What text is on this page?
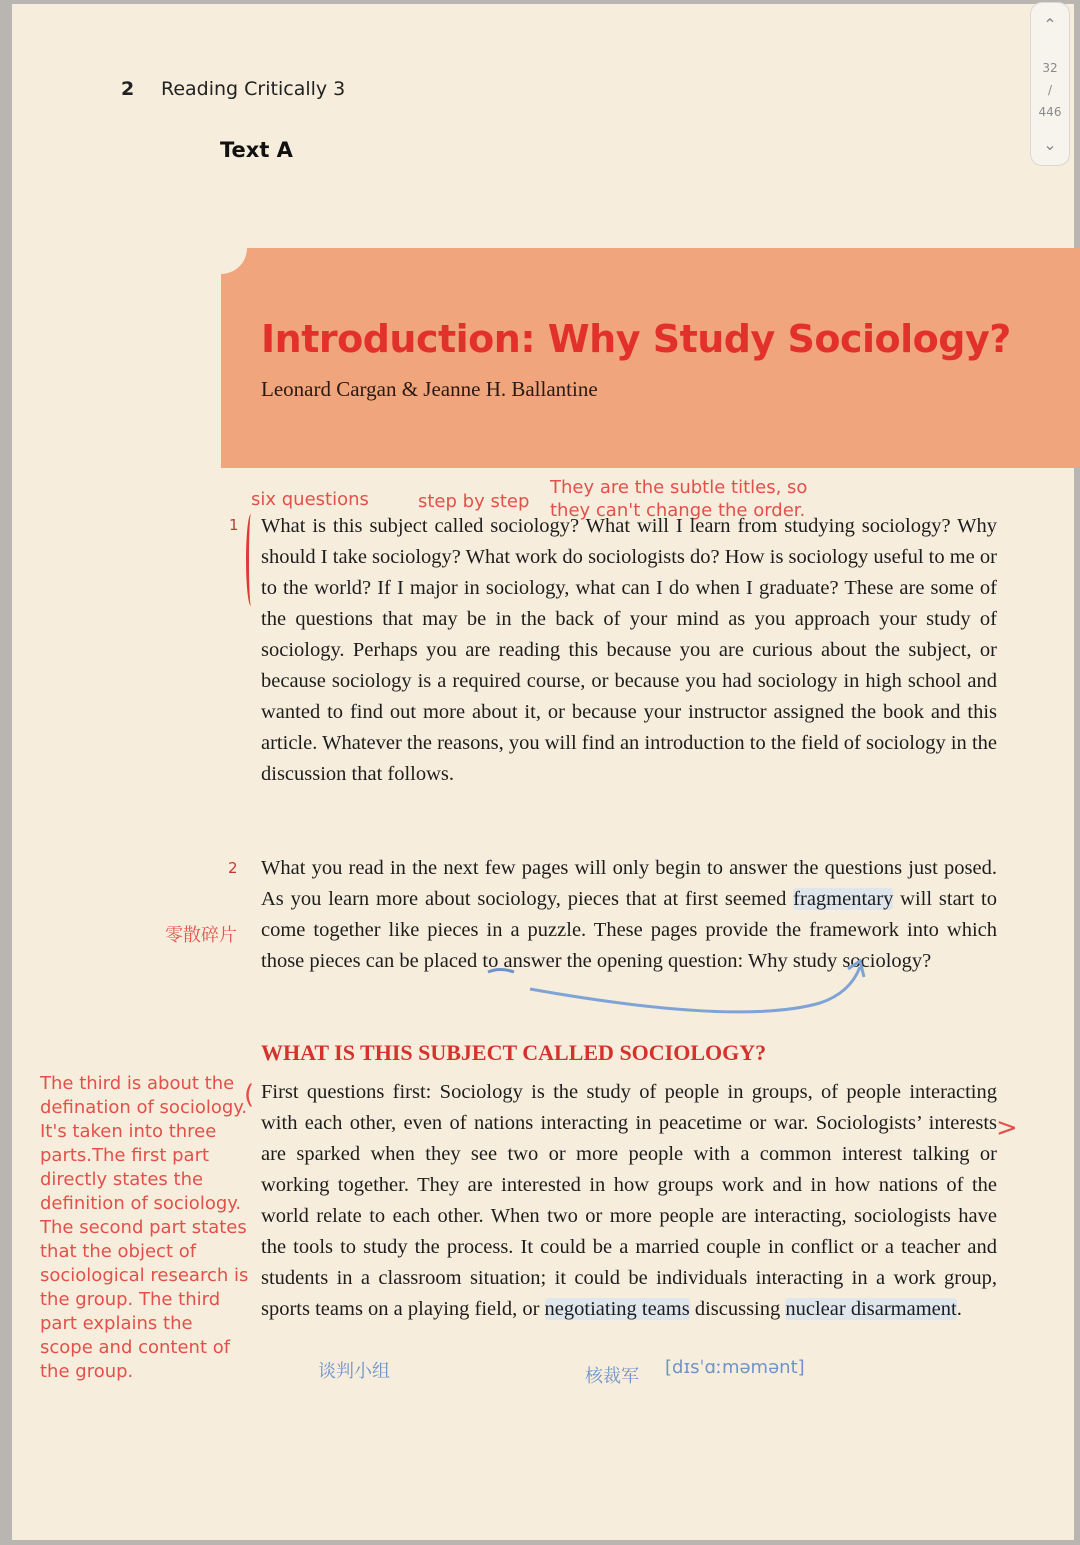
2 Reading Critically 3
Text A
Introduction: Why Study Sociology?
Leonard Cargan & Jeanne H. Ballantine
six questions	step by step
They are the subtle titles, so
they can't change the order.
1 What is this subject called sociology? What will I learn from studying sociology? Why should I take sociology? What work do sociologists do? How is sociology useful to me or to the world? If I major in sociology, what can I do when I graduate? These are some of the questions that may be in the back of your mind as you approach your study of sociology. Perhaps you are reading this because you are curious about the subject, or because sociology is a required course, or because you had sociology in high school and wanted to find out more about it, or because your instructor assigned the book and this article. Whatever the reasons, you will find an introduction to the field of sociology in the discussion that follows.
2
零散碎片
What you read in the next few pages will only begin to answer the questions just posed. As you learn more about sociology, pieces that at first seemed fragmentary will start to come together like pieces in a puzzle. These pages provide the framework into which those pieces can be placed to answer the opening question: Why study sociology?
WHAT IS THIS SUBJECT CALLED SOCIOLOGY?
The third is about the defination of sociology. It's taken into three parts.The first part directly states the definition of sociology. The second part states that the object of sociological research is the group. The third part explains the scope and content of the group.
(
>
First questions first: Sociology is the study of people in groups, of people interacting with each other, even of nations interacting in peacetime or war. Sociologists’ interests are sparked when they see two or more people with a common interest talking or working together. They are interested in how groups work and in how nations of the world relate to each other. When two or more people are interacting, sociologists have the tools to study the process. It could be a married couple in conflict or a teacher and students in a classroom situation; it could be individuals interacting in a work group, sports teams on a playing field, or negotiating teams discussing nuclear disarmament.
谈判小组	核裁军 [dɪsˈɑːməmənt]
⌃
32
/
446
⌄
